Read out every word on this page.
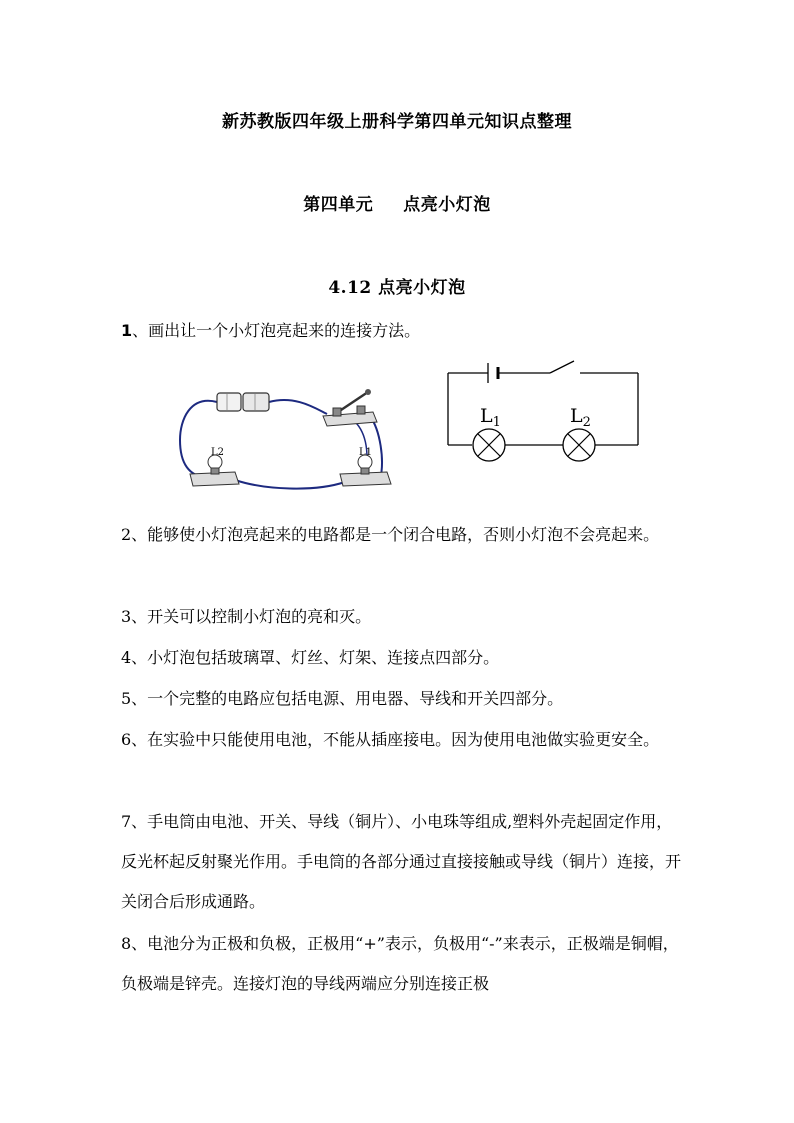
新苏教版四年级上册科学第四单元知识点整理
第四单元 点亮小灯泡
4.12 点亮小灯泡
1、画出让一个小灯泡亮起来的连接方法。
L2	L1
$L_1$	$L_2$
2、能够使小灯泡亮起来的电路都是一个闭合电路，否则小灯泡不会亮起来。
3、开关可以控制小灯泡的亮和灭。
4、小灯泡包括玻璃罩、灯丝、灯架、连接点四部分。
5、一个完整的电路应包括电源、用电器、导线和开关四部分。
6、在实验中只能使用电池，不能从插座接电。因为使用电池做实验更安全。
7、手电筒由电池、开关、导线（铜片）、小电珠等组成,塑料外壳起固定作用，反光杯起反射聚光作用。手电筒的各部分通过直接接触或导线（铜片）连接，开关闭合后形成通路。
8、电池分为正极和负极，正极用“+”表示，负极用“-”来表示，正极端是铜帽，负极端是锌壳。连接灯泡的导线两端应分别连接正极
